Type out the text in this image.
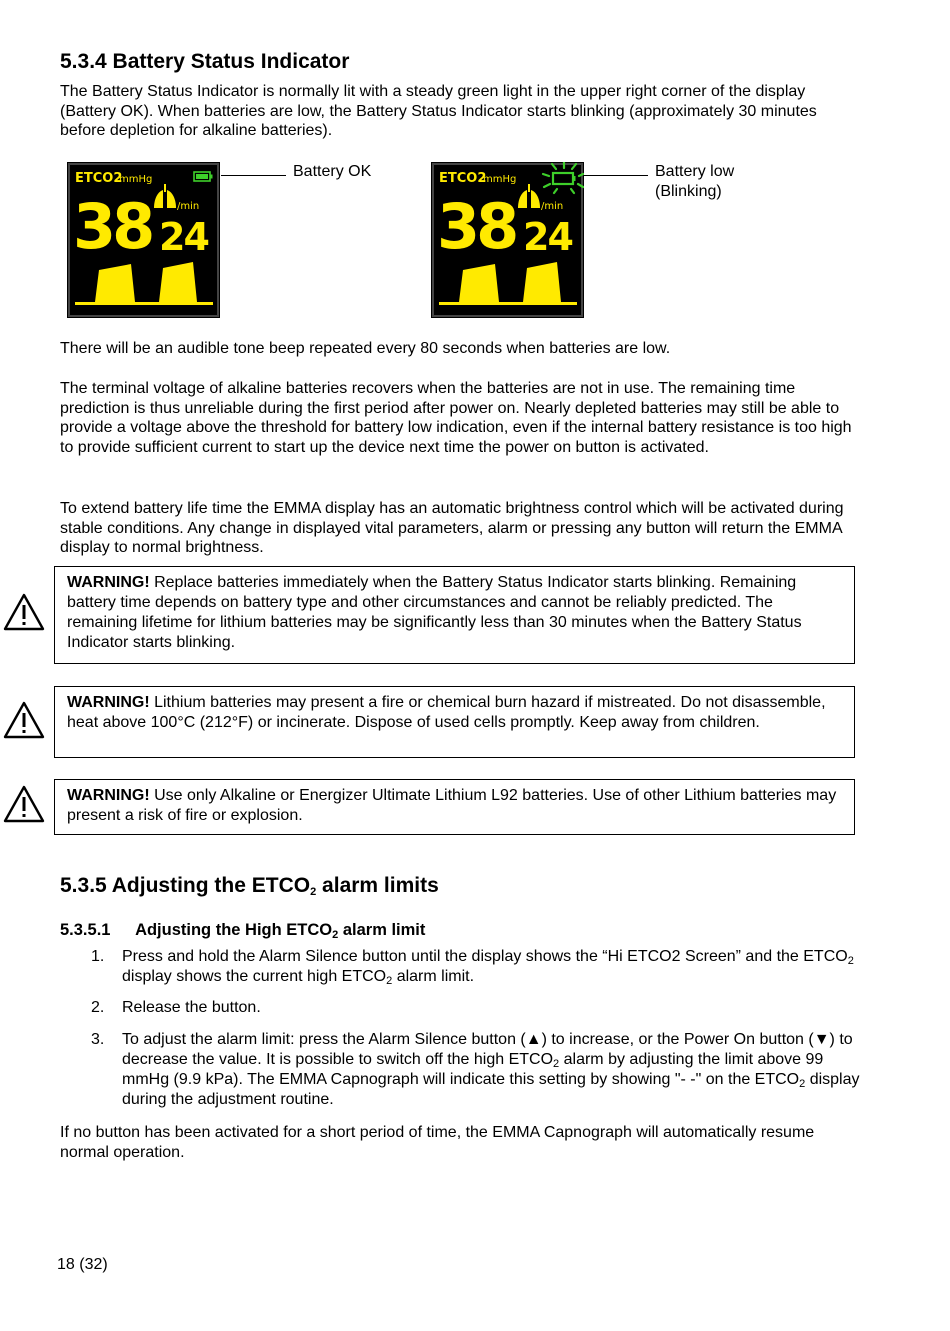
5.3.4 Battery Status Indicator
The Battery Status Indicator is normally lit with a steady green light in the upper right corner of the display (Battery OK). When batteries are low, the Battery Status Indicator starts blinking (approximately 30 minutes before depletion for alkaline batteries).
ETCO2
mmHg
38	/min
24
Battery OK	ETCO2
mmHg
38	/min
24
Battery low
(Blinking)
There will be an audible tone beep repeated every 80 seconds when batteries are low.
The terminal voltage of alkaline batteries recovers when the batteries are not in use. The remaining time prediction is thus unreliable during the first period after power on. Nearly depleted batteries may still be able to provide a voltage above the threshold for battery low indication, even if the internal battery resistance is too high to provide sufficient current to start up the device next time the power on button is activated.
To extend battery life time the EMMA display has an automatic brightness control which will be activated during stable conditions. Any change in displayed vital parameters, alarm or pressing any button will return the EMMA display to normal brightness.
WARNING! Replace batteries immediately when the Battery Status Indicator starts blinking. Remaining battery time depends on battery type and other circumstances and cannot be reliably predicted. The remaining lifetime for lithium batteries may be significantly less than 30 minutes when the Battery Status Indicator starts blinking.
WARNING! Lithium batteries may present a fire or chemical burn hazard if mistreated. Do not disassemble, heat above 100°C (212°F) or incinerate. Dispose of used cells promptly. Keep away from children.
WARNING! Use only Alkaline or Energizer Ultimate Lithium L92 batteries. Use of other Lithium batteries may present a risk of fire or explosion.
5.3.5 Adjusting the $ETCO_2$ alarm limits
5.3.5.1 Adjusting the High $ETCO_2$ alarm limit
1. Press and hold the Alarm Silence button until the display shows the “Hi ETCO2 Screen” and the $ETCO_2$ display shows the current high $ETCO_2$ alarm limit.
2. Release the button.
3. To adjust the alarm limit: press the Alarm Silence button (▲) to increase, or the Power On button (▼) to decrease the value. It is possible to switch off the high $ETCO_2$ alarm by adjusting the limit above 99 mmHg (9.9 kPa). The EMMA Capnograph will indicate this setting by showing "- -" on the $ETCO_2$ display during the adjustment routine.
If no button has been activated for a short period of time, the EMMA Capnograph will automatically resume normal operation.
18 (32)
